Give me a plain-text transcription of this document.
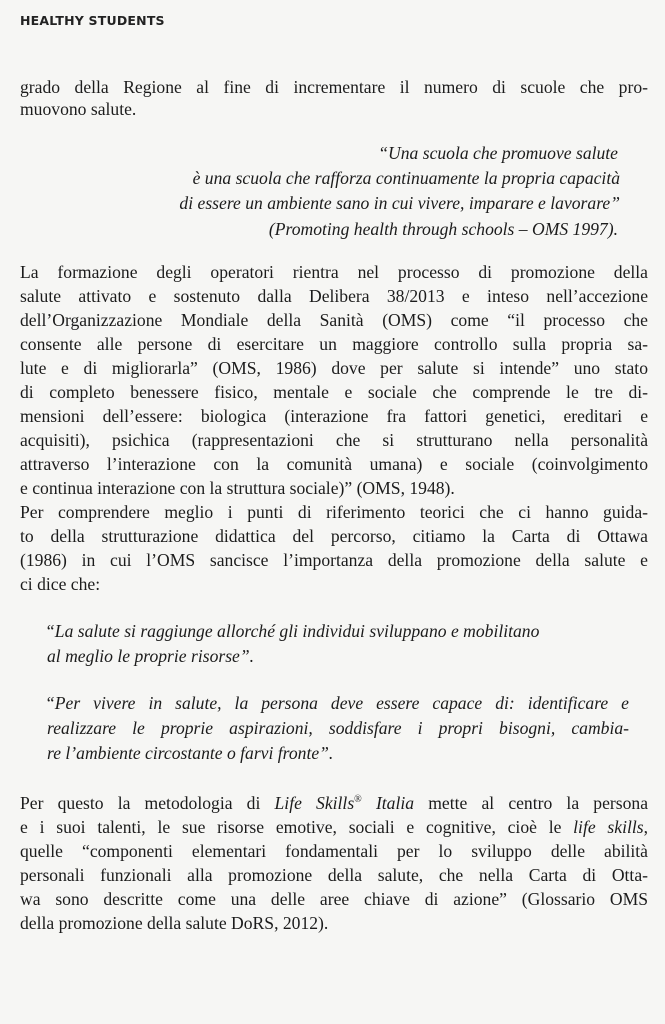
HEALTHY STUDENTS
grado della Regione al fine di incrementare il numero di scuole che pro-
muovono salute.
“Una scuola che promuove salute
è una scuola che rafforza continuamente la propria capacità
di essere un ambiente sano in cui vivere, imparare e lavorare”
(Promoting health through schools – OMS 1997).
La formazione degli operatori rientra nel processo di promozione della
salute attivato e sostenuto dalla Delibera 38/2013 e inteso nell’accezione
dell’Organizzazione Mondiale della Sanità (OMS) come “il processo che
consente alle persone di esercitare un maggiore controllo sulla propria sa-
lute e di migliorarla” (OMS, 1986) dove per salute si intende” uno stato
di completo benessere fisico, mentale e sociale che comprende le tre di-
mensioni dell’essere: biologica (interazione fra fattori genetici, ereditari e
acquisiti), psichica (rappresentazioni che si strutturano nella personalità
attraverso l’interazione con la comunità umana) e sociale (coinvolgimento
e continua interazione con la struttura sociale)” (OMS, 1948).
Per comprendere meglio i punti di riferimento teorici che ci hanno guida-
to della strutturazione didattica del percorso, citiamo la Carta di Ottawa
(1986) in cui l’OMS sancisce l’importanza della promozione della salute e
ci dice che:
“La salute si raggiunge allorché gli individui sviluppano e mobilitano
al meglio le proprie risorse”.
“Per vivere in salute, la persona deve essere capace di: identificare e
realizzare le proprie aspirazioni, soddisfare i propri bisogni, cambia-
re l’ambiente circostante o farvi fronte”.
Per questo la metodologia di Life Skills® Italia mette al centro la persona
e i suoi talenti, le sue risorse emotive, sociali e cognitive, cioè le life skills,
quelle “componenti elementari fondamentali per lo sviluppo delle abilità
personali funzionali alla promozione della salute, che nella Carta di Otta-
wa sono descritte come una delle aree chiave di azione” (Glossario OMS
della promozione della salute DoRS, 2012).
